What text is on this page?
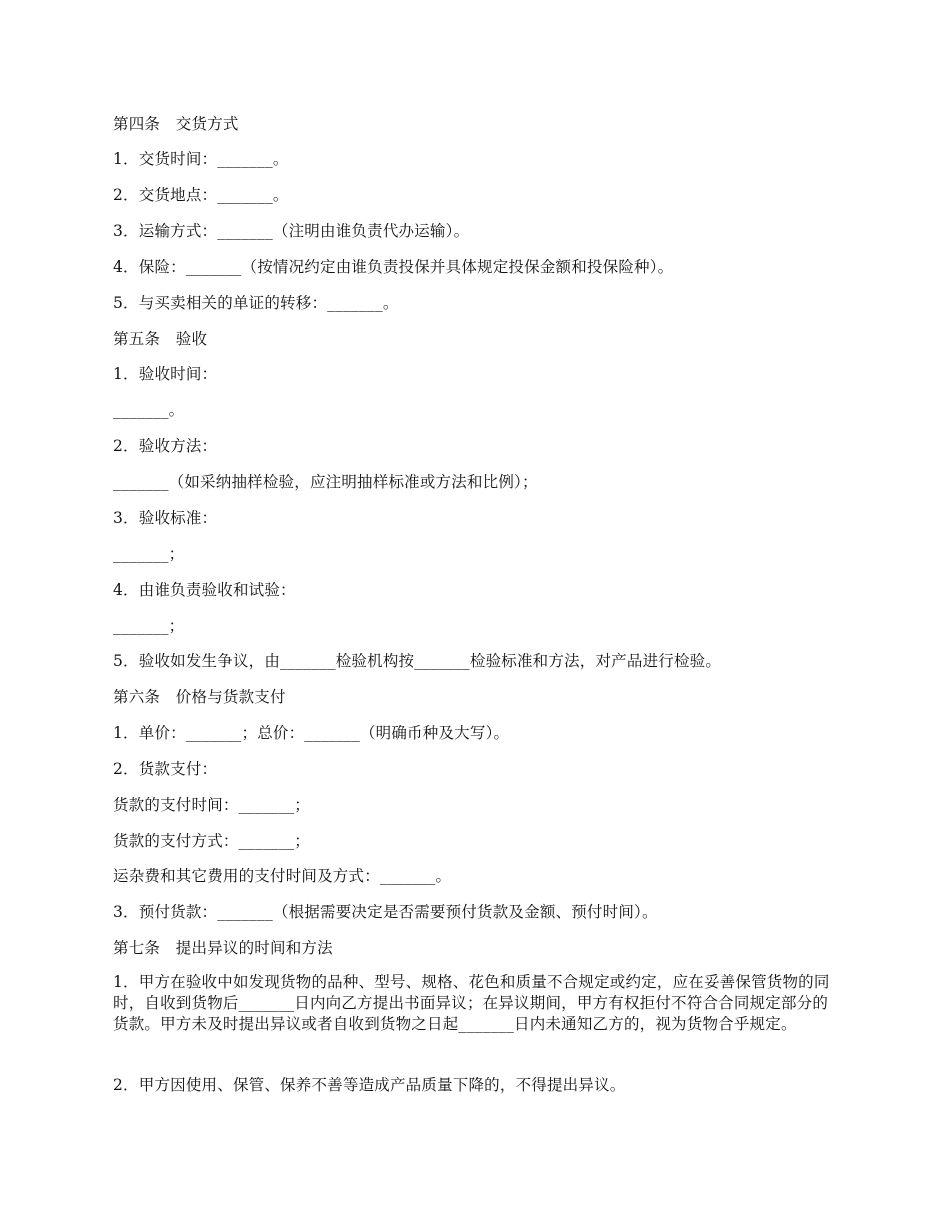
第四条　交货方式
1．交货时间：_______。
2．交货地点：_______。
3．运输方式：_______（注明由谁负责代办运输）。
4．保险：_______（按情况约定由谁负责投保并具体规定投保金额和投保险种）。
5．与买卖相关的单证的转移：_______。
第五条　验收
1．验收时间：
_______。
2．验收方法：
_______（如采纳抽样检验，应注明抽样标准或方法和比例）；
3．验收标准：
_______；
4．由谁负责验收和试验：
_______；
5．验收如发生争议，由_______检验机构按_______检验标准和方法，对产品进行检验。
第六条　价格与货款支付
1．单价：_______；总价：_______（明确币种及大写）。
2．货款支付：
货款的支付时间：_______；
货款的支付方式：_______；
运杂费和其它费用的支付时间及方式：_______。
3．预付货款：_______（根据需要决定是否需要预付货款及金额、预付时间）。
第七条　提出异议的时间和方法
1．甲方在验收中如发现货物的品种、型号、规格、花色和质量不合规定或约定，应在妥善保管货物的同时，自收到货物后_______日内向乙方提出书面异议；在异议期间，甲方有权拒付不符合合同规定部分的货款。甲方未及时提出异议或者自收到货物之日起_______日内未通知乙方的，视为货物合乎规定。
2．甲方因使用、保管、保养不善等造成产品质量下降的，不得提出异议。
